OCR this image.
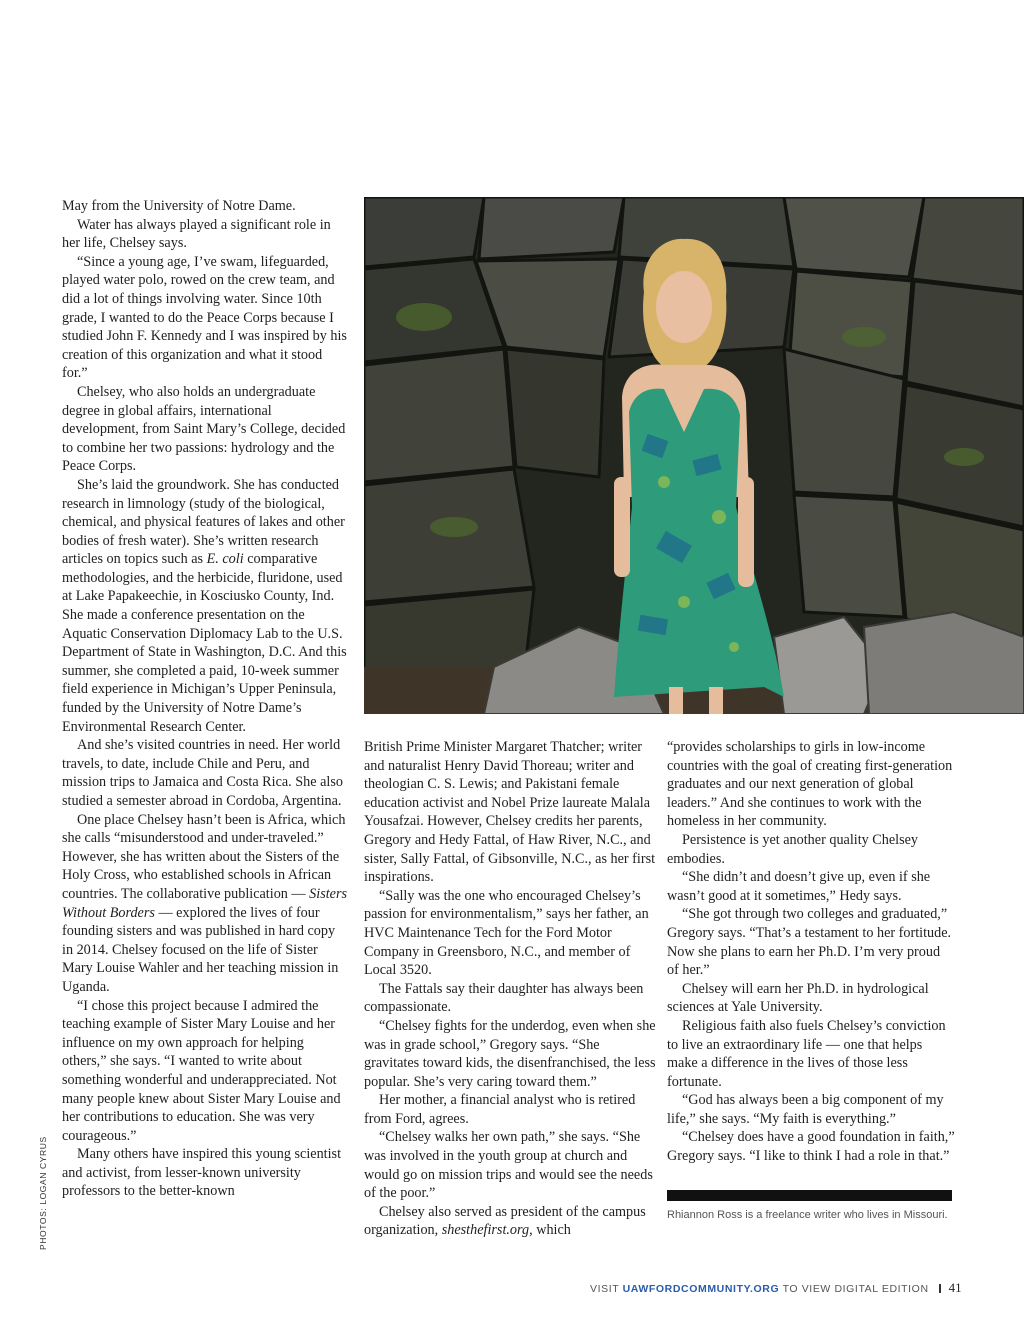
May from the University of Notre Dame.

Water has always played a significant role in her life, Chelsey says.

“Since a young age, I’ve swam, lifeguarded, played water polo, rowed on the crew team, and did a lot of things involving water. Since 10th grade, I wanted to do the Peace Corps because I studied John F. Kennedy and I was inspired by his creation of this organization and what it stood for.”

Chelsey, who also holds an undergraduate degree in global affairs, international development, from Saint Mary’s College, decided to combine her two passions: hydrology and the Peace Corps.

She’s laid the groundwork. She has conducted research in limnology (study of the biological, chemical, and physical features of lakes and other bodies of fresh water). She’s written research articles on topics such as E. coli comparative methodologies, and the herbicide, fluridone, used at Lake Papakeechie, in Kosciusko County, Ind. She made a conference presentation on the Aquatic Conservation Diplomacy Lab to the U.S. Department of State in Washington, D.C. And this summer, she completed a paid, 10-week summer field experience in Michigan’s Upper Peninsula, funded by the University of Notre Dame’s Environmental Research Center.

And she’s visited countries in need. Her world travels, to date, include Chile and Peru, and mission trips to Jamaica and Costa Rica. She also studied a semester abroad in Cordoba, Argentina.

One place Chelsey hasn’t been is Africa, which she calls “misunderstood and under-traveled.” However, she has written about the Sisters of the Holy Cross, who established schools in African countries. The collaborative publication — Sisters Without Borders — explored the lives of four founding sisters and was published in hard copy in 2014. Chelsey focused on the life of Sister Mary Louise Wahler and her teaching mission in Uganda.

“I chose this project because I admired the teaching example of Sister Mary Louise and her influence on my own approach for helping others,” she says. “I wanted to write about something wonderful and underappreciated. Not many people knew about Sister Mary Louise and her contributions to education. She was very courageous.”

Many others have inspired this young scientist and activist, from lesser-known university professors to the better-known

British Prime Minister Margaret Thatcher; writer and naturalist Henry David Thoreau; writer and theologian C. S. Lewis; and Pakistani female education activist and Nobel Prize laureate Malala Yousafzai. However, Chelsey credits her parents, Gregory and Hedy Fattal, of Haw River, N.C., and sister, Sally Fattal, of Gibsonville, N.C., as her first inspirations.

“Sally was the one who encouraged Chelsey’s passion for environmentalism,” says her father, an HVC Maintenance Tech for the Ford Motor Company in Greensboro, N.C., and member of Local 3520.

The Fattals say their daughter has always been compassionate.

“Chelsey fights for the underdog, even when she was in grade school,” Gregory says. “She gravitates toward kids, the disenfranchised, the less popular. She’s very caring toward them.”

Her mother, a financial analyst who is retired from Ford, agrees.

“Chelsey walks her own path,” she says. “She was involved in the youth group at church and would go on mission trips and would see the needs of the poor.”

Chelsey also served as president of the campus organization, shesthefirst.org, which

“provides scholarships to girls in low-income countries with the goal of creating first-generation graduates and our next generation of global leaders.” And she continues to work with the homeless in her community.

Persistence is yet another quality Chelsey embodies.

“She didn’t and doesn’t give up, even if she wasn’t good at it sometimes,” Hedy says.

“She got through two colleges and graduated,” Gregory says. “That’s a testament to her fortitude. Now she plans to earn her Ph.D. I’m very proud of her.”

Chelsey will earn her Ph.D. in hydrological sciences at Yale University.

Religious faith also fuels Chelsey’s conviction to live an extraordinary life — one that helps make a difference in the lives of those less fortunate.

“God has always been a big component of my life,” she says. “My faith is everything.”

“Chelsey does have a good foundation in faith,” Gregory says. “I like to think I had a role in that.”

Rhiannon Ross is a freelance writer who lives in Missouri.
PHOTOS: LOGAN CYRUS
VISIT UAWFORDCOMMUNITY.ORG TO VIEW DIGITAL EDITION 41
